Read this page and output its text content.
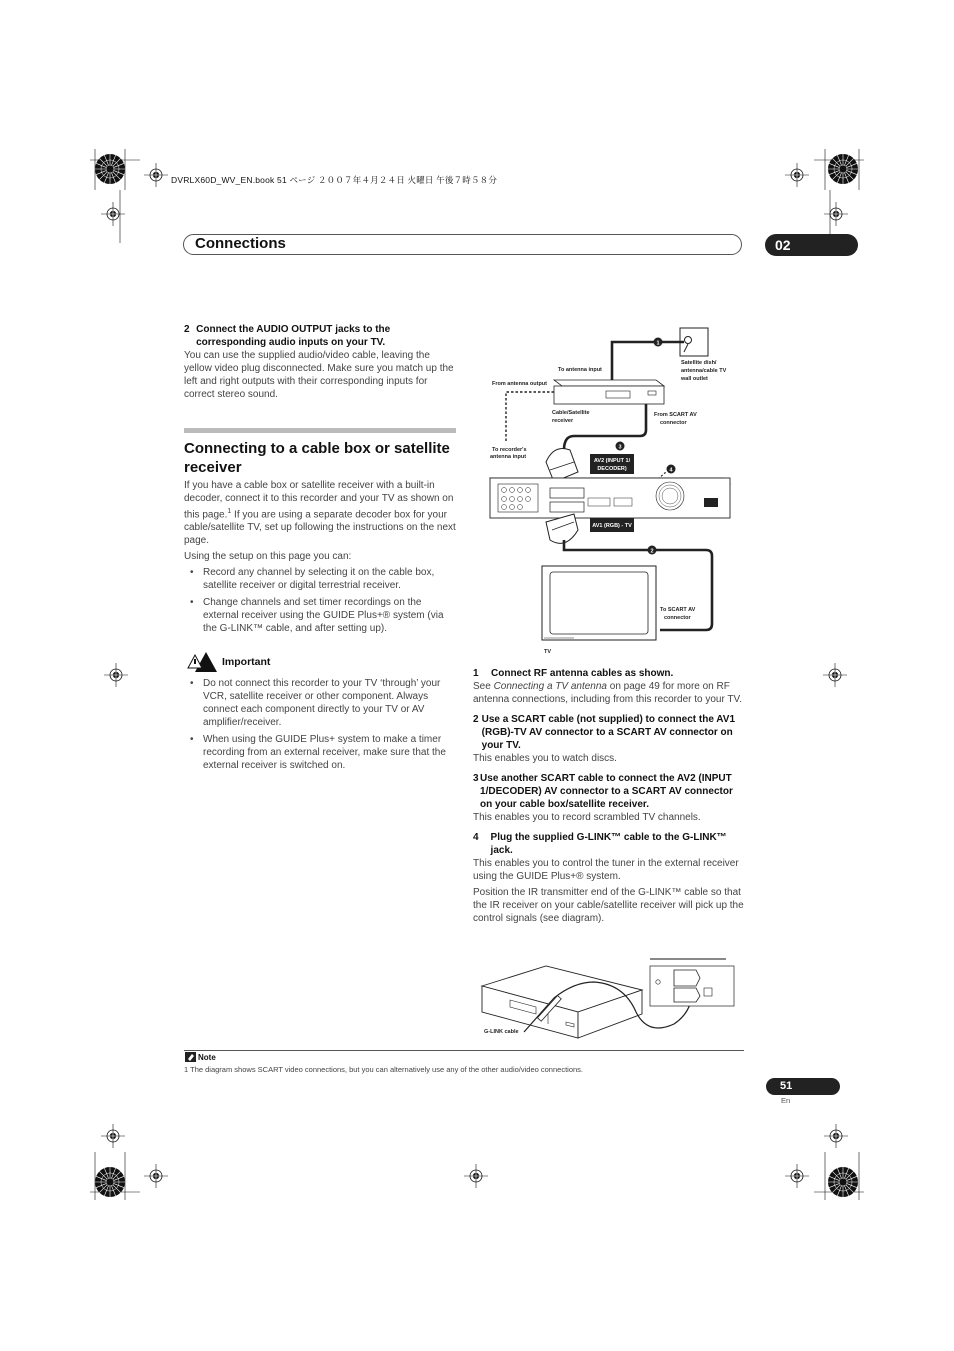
DVRLX60D_WV_EN.book 51 ページ ２００７年４月２４日 火曜日 午後７時５８分
Connections	02
2 Connect the AUDIO OUTPUT jacks to the corresponding audio inputs on your TV.

You can use the supplied audio/video cable, leaving the yellow video plug disconnected. Make sure you match up the left and right outputs with their corresponding inputs for correct stereo sound.

Connecting to a cable box or satellite receiver

If you have a cable box or satellite receiver with a built-in decoder, connect it to this recorder and your TV as shown on this page.$^1$ If you are using a separate decoder box for your cable/satellite TV, set up following the instructions on the next page.

Using the setup on this page you can:

• Record any channel by selecting it on the cable box, satellite receiver or digital terrestrial receiver.
• Change channels and set timer recordings on the external receiver using the GUIDE Plus+® system (via the G-LINK™ cable, and after setting up).
Important
• Do not connect this recorder to your TV ‘through’ your VCR, satellite receiver or other component. Always connect each component directly to your TV or AV amplifier/receiver.
• When using the GUIDE Plus+ system to make a timer recording from an external receiver, make sure that the external receiver is switched on.
1
To antenna input
From antenna output
Satellite dish/
antenna/cable TV
wall outlet
Cable/Satellite
receiver
From SCART AV
connector
To recorder's
antenna input
3
AV2 (INPUT 1/
DECODER)	4
AV1 (RGB) - TV
2
TV
To SCART AV
connector
1	Connect RF antenna cables as shown.

See Connecting a TV antenna on page 49 for more on RF antenna connections, including from this recorder to your TV.

2 Use a SCART cable (not supplied) to connect the AV1 (RGB)-TV AV connector to a SCART AV connector on your TV.

This enables you to watch discs.

3 Use another SCART cable to connect the AV2 (INPUT 1/DECODER) AV connector to a SCART AV connector on your cable box/satellite receiver.

This enables you to record scrambled TV channels.

4	Plug the supplied G-LINK™ cable to the G-LINK™ jack.

This enables you to control the tuner in the external receiver using the GUIDE Plus+® system.

Position the IR transmitter end of the G-LINK™ cable so that the IR receiver on your cable/satellite receiver will pick up the control signals (see diagram).

G-LINK cable
Note
1 The diagram shows SCART video connections, but you can alternatively use any of the other audio/video connections.
51
En
